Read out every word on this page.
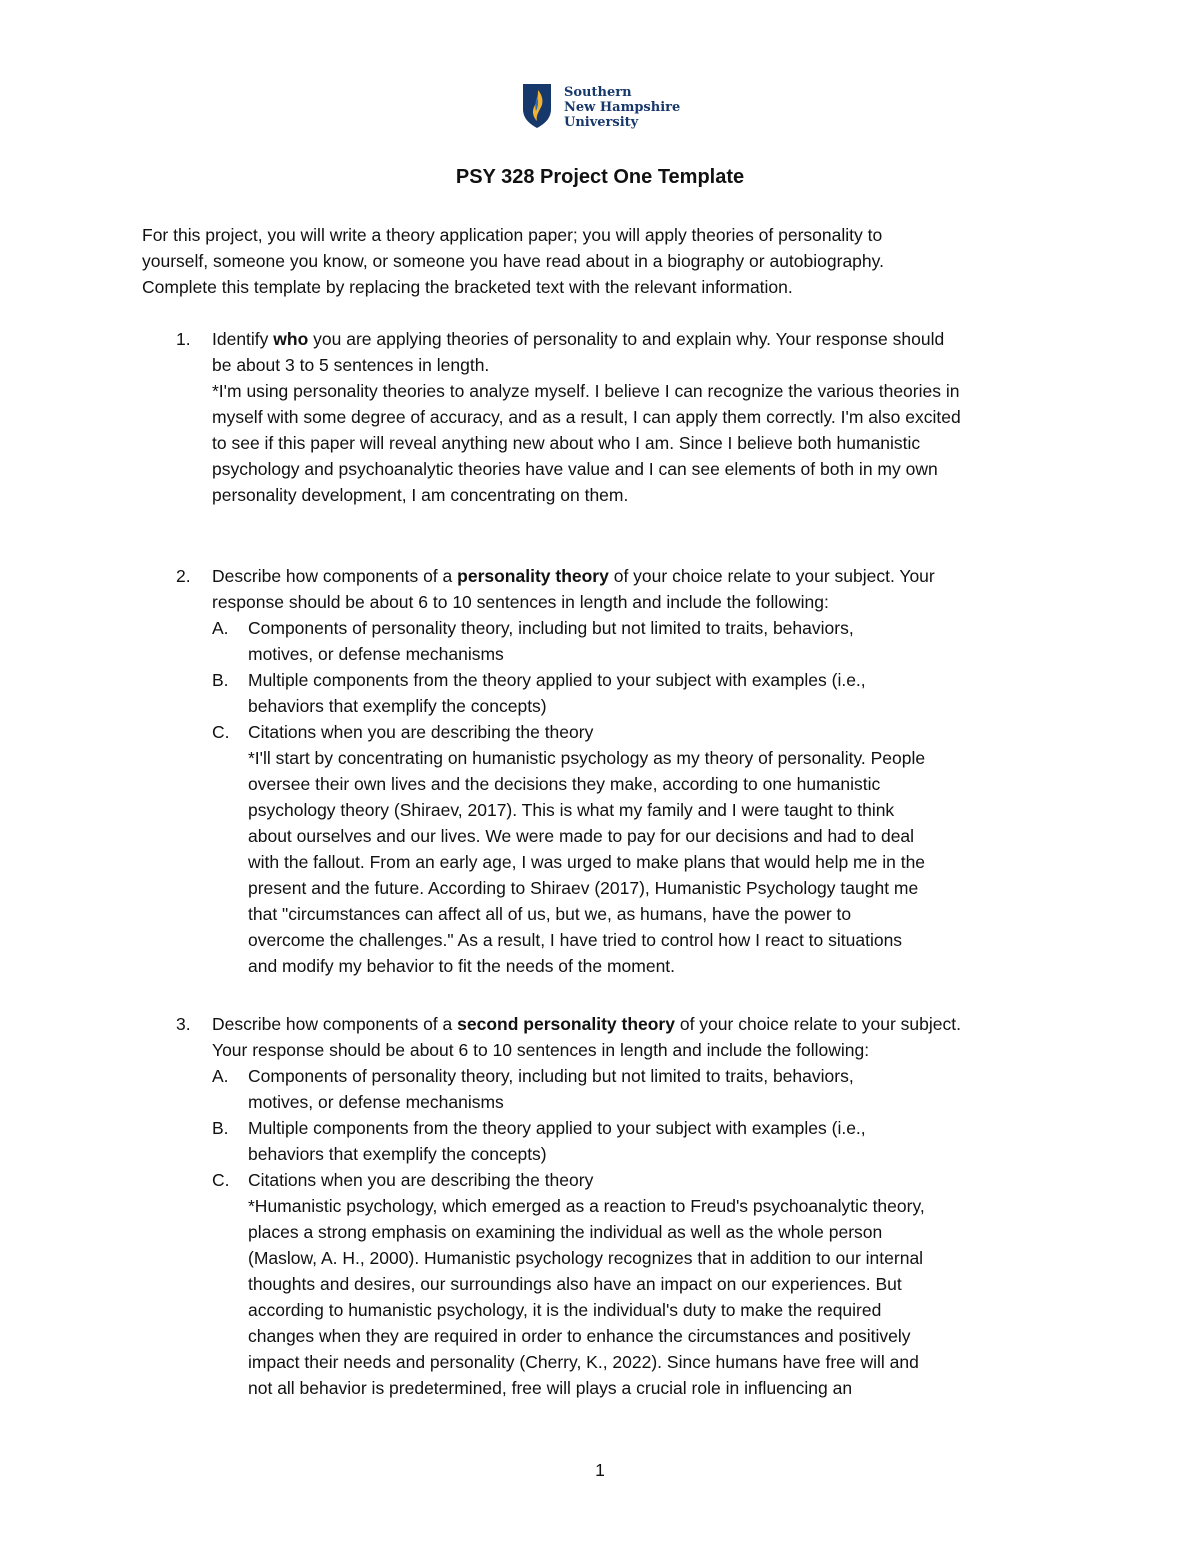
Southern
New Hampshire
University
PSY 328 Project One Template
For this project, you will write a theory application paper; you will apply theories of personality to
yourself, someone you know, or someone you have read about in a biography or autobiography.
Complete this template by replacing the bracketed text with the relevant information.
1. Identify who you are applying theories of personality to and explain why. Your response should
be about 3 to 5 sentences in length.
*I'm using personality theories to analyze myself. I believe I can recognize the various theories in
myself with some degree of accuracy, and as a result, I can apply them correctly. I'm also excited
to see if this paper will reveal anything new about who I am. Since I believe both humanistic
psychology and psychoanalytic theories have value and I can see elements of both in my own
personality development, I am concentrating on them.
2. Describe how components of a personality theory of your choice relate to your subject. Your
response should be about 6 to 10 sentences in length and include the following:
A. Components of personality theory, including but not limited to traits, behaviors,
motives, or defense mechanisms
B. Multiple components from the theory applied to your subject with examples (i.e.,
behaviors that exemplify the concepts)
C. Citations when you are describing the theory
*I'll start by concentrating on humanistic psychology as my theory of personality. People
oversee their own lives and the decisions they make, according to one humanistic
psychology theory (Shiraev, 2017). This is what my family and I were taught to think
about ourselves and our lives. We were made to pay for our decisions and had to deal
with the fallout. From an early age, I was urged to make plans that would help me in the
present and the future. According to Shiraev (2017), Humanistic Psychology taught me
that "circumstances can affect all of us, but we, as humans, have the power to
overcome the challenges." As a result, I have tried to control how I react to situations
and modify my behavior to fit the needs of the moment.
3. Describe how components of a second personality theory of your choice relate to your subject.
Your response should be about 6 to 10 sentences in length and include the following:
A. Components of personality theory, including but not limited to traits, behaviors,
motives, or defense mechanisms
B. Multiple components from the theory applied to your subject with examples (i.e.,
behaviors that exemplify the concepts)
C. Citations when you are describing the theory
*Humanistic psychology, which emerged as a reaction to Freud's psychoanalytic theory,
places a strong emphasis on examining the individual as well as the whole person
(Maslow, A. H., 2000). Humanistic psychology recognizes that in addition to our internal
thoughts and desires, our surroundings also have an impact on our experiences. But
according to humanistic psychology, it is the individual's duty to make the required
changes when they are required in order to enhance the circumstances and positively
impact their needs and personality (Cherry, K., 2022). Since humans have free will and
not all behavior is predetermined, free will plays a crucial role in influencing an
1
